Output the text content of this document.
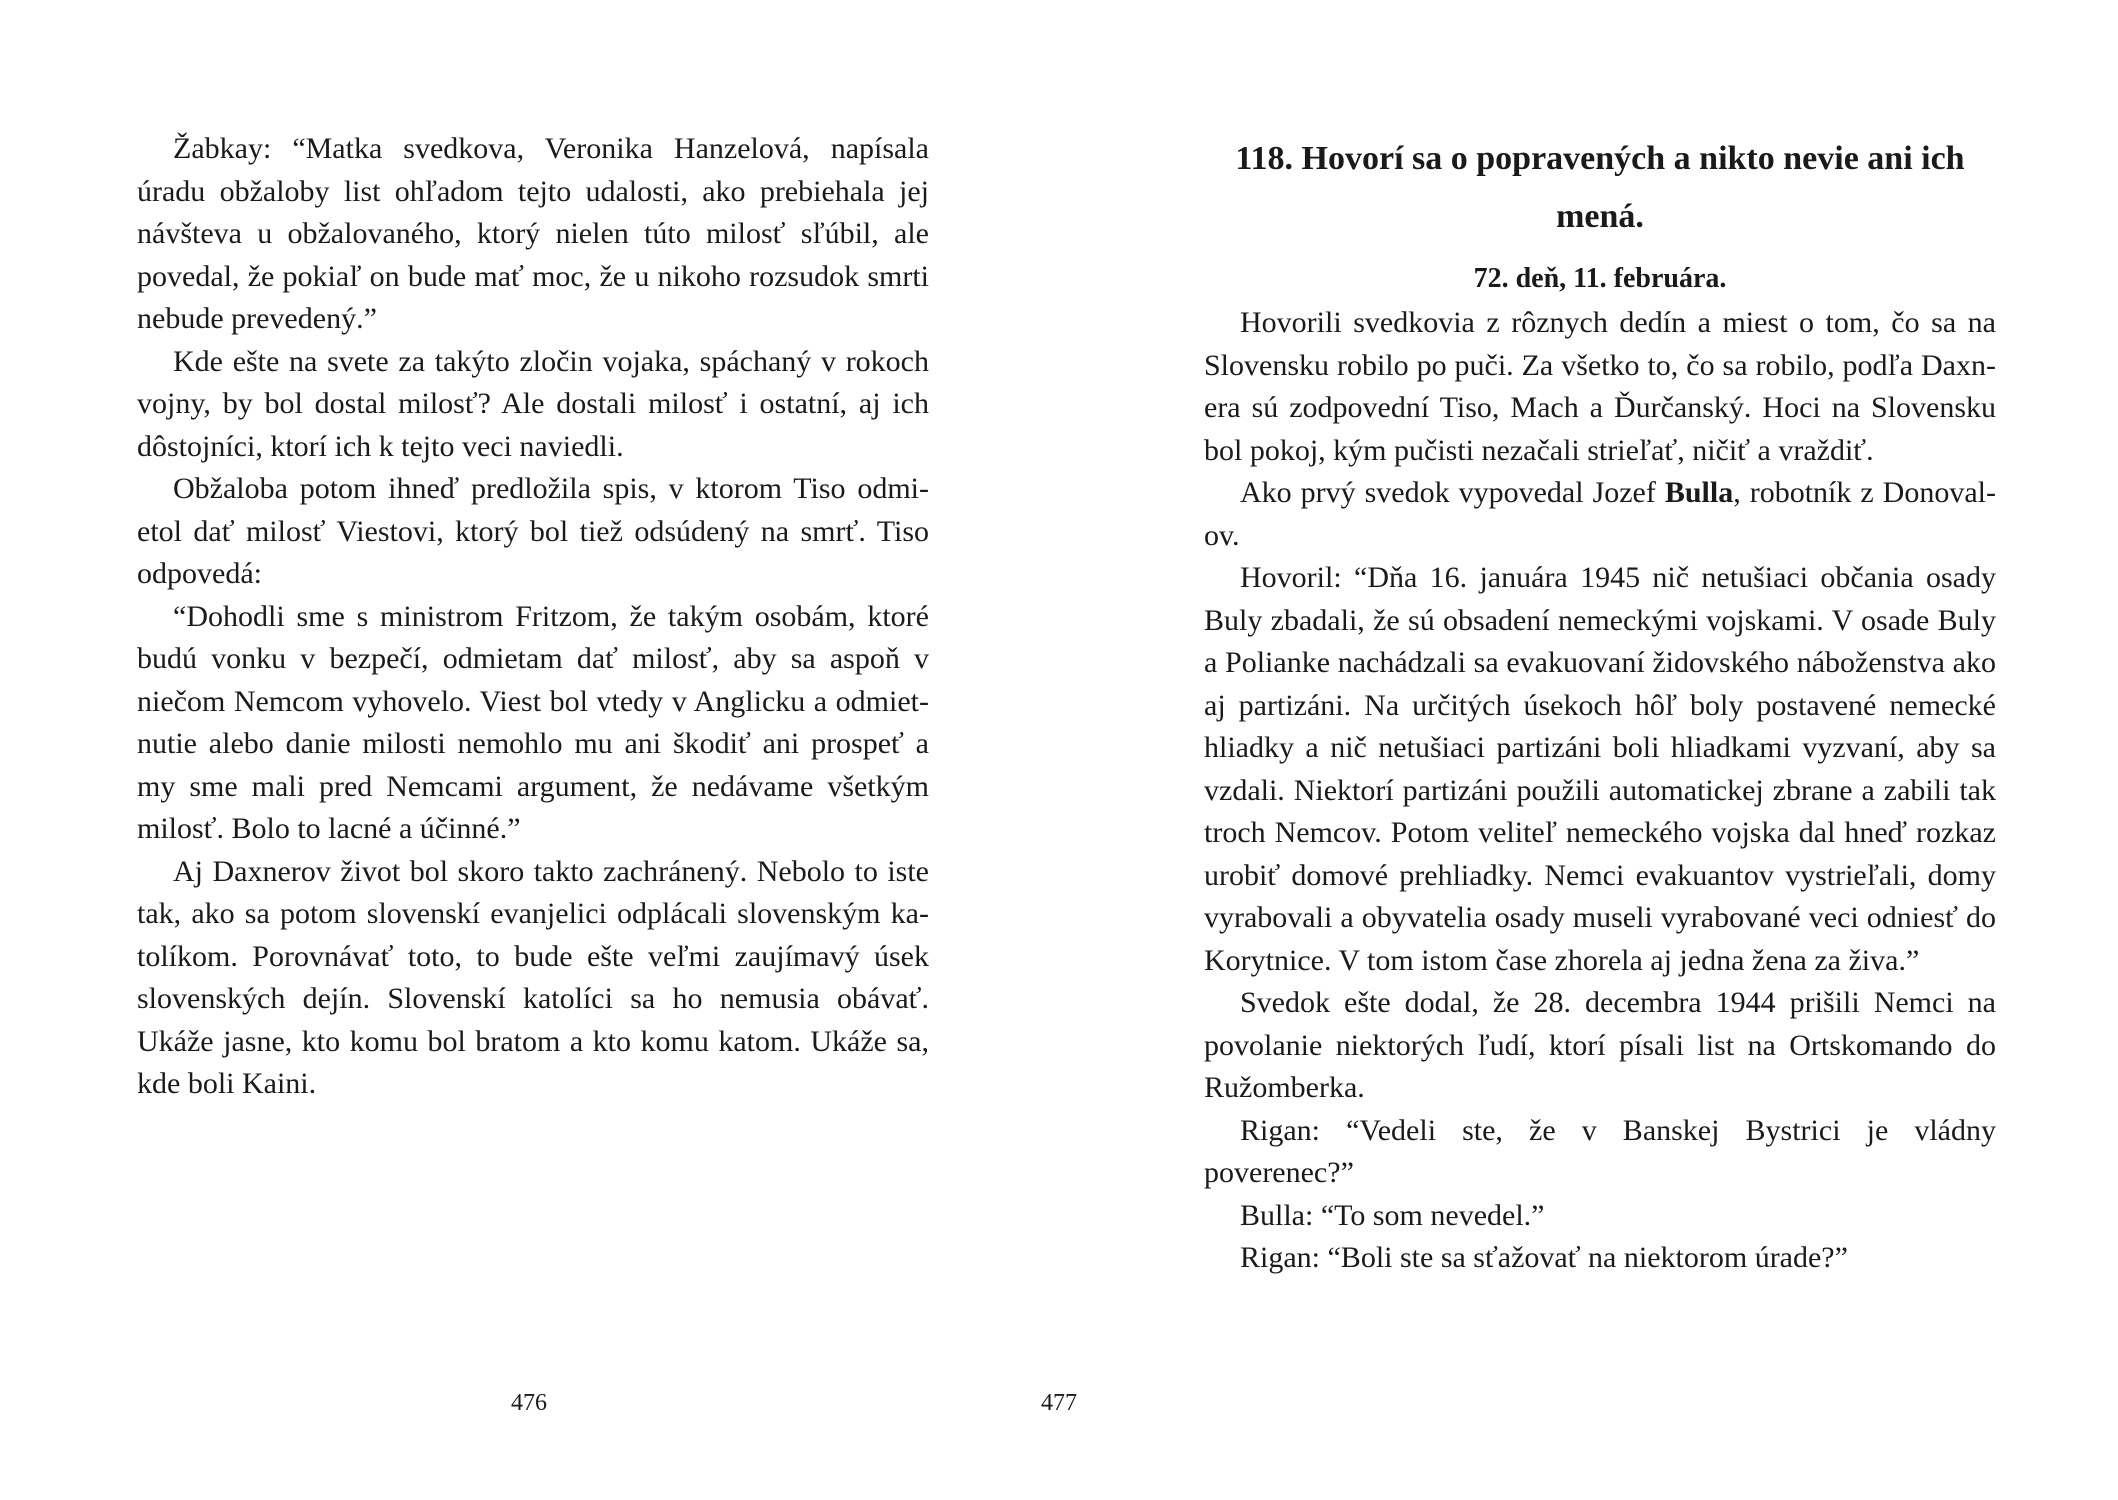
Žabkay: “Matka svedkova, Veronika Hanzelová, napísala úradu obžaloby list ohľadom tejto udalosti, ako prebiehala jej návšteva u obžalovaného, ktorý nielen túto milosť sľúbil, ale povedal, že pokiaľ on bude mať moc, že u nikoho rozsudok smrti nebude prevedený.”

Kde ešte na svete za takýto zločin vojaka, spáchaný v rokoch vojny, by bol dostal milosť? Ale dostali milosť i ostatní, aj ich dôstojníci, ktorí ich k tejto veci naviedli.

Obžaloba potom ihneď predložila spis, v ktorom Tiso odmietol dať milosť Viestovi, ktorý bol tiež odsúdený na smrť. Tiso odpovedá:

“Dohodli sme s ministrom Fritzom, že takým osobám, ktoré budú vonku v bezpečí, odmietam dať milosť, aby sa aspoň v niečom Nemcom vyhovelo. Viest bol vtedy v Anglicku a odmietnutie alebo danie milosti nemohlo mu ani škodiť ani prospeť a my sme mali pred Nemcami argument, že nedávame všetkým milosť. Bolo to lacné a účinné.”

Aj Daxnerov život bol skoro takto zachránený. Nebolo to iste tak, ako sa potom slovenskí evanjelici odplácali slovenským katolíkom. Porovnávať toto, to bude ešte veľmi zaujímavý úsek slovenských dejín. Slovenskí katolíci sa ho nemusia obávať. Ukáže jasne, kto komu bol bratom a kto komu katom. Ukáže sa, kde boli Kaini.

476
118. Hovorí sa o popravených a nikto nevie ani ich mená.
72. deň, 11. februára.

Hovorili svedkovia z rôznych dedín a miest o tom, čo sa na Slovensku robilo po puči. Za všetko to, čo sa robilo, podľa Daxnera sú zodpovední Tiso, Mach a Ďurčanský. Hoci na Slovensku bol pokoj, kým pučisti nezačali strieľať, ničiť a vraždiť.

Ako prvý svedok vypovedal Jozef Bulla, robotník z Donovalov.

Hovoril: “Dňa 16. januára 1945 nič netušiaci občania osady Buly zbadali, že sú obsadení nemeckými vojskami. V osade Buly a Polianke nachádzali sa evakuovaní židovského náboženstva ako aj partizáni. Na určitých úsekoch hôľ boly postavené nemecké hliadky a nič netušiaci partizáni boli hliadkami vyzvaní, aby sa vzdali. Niektorí partizáni použili automatickej zbrane a zabili tak troch Nemcov. Potom veliteľ nemeckého vojska dal hneď rozkaz urobiť domové prehliadky. Nemci evakuantov vystrieľali, domy vyrabovali a obyvatelia osady museli vyrabované veci odniesť do Korytnice. V tom istom čase zhorela aj jedna žena za živa.”

Svedok ešte dodal, že 28. decembra 1944 prišili Nemci na povolanie niektorých ľudí, ktorí písali list na Ortskomando do Ružomberka.

Rigan: “Vedeli ste, že v Banskej Bystrici je vládny poverenec?”

Bulla: “To som nevedel.”

Rigan: “Boli ste sa sťažovať na niektorom úrade?”

477
